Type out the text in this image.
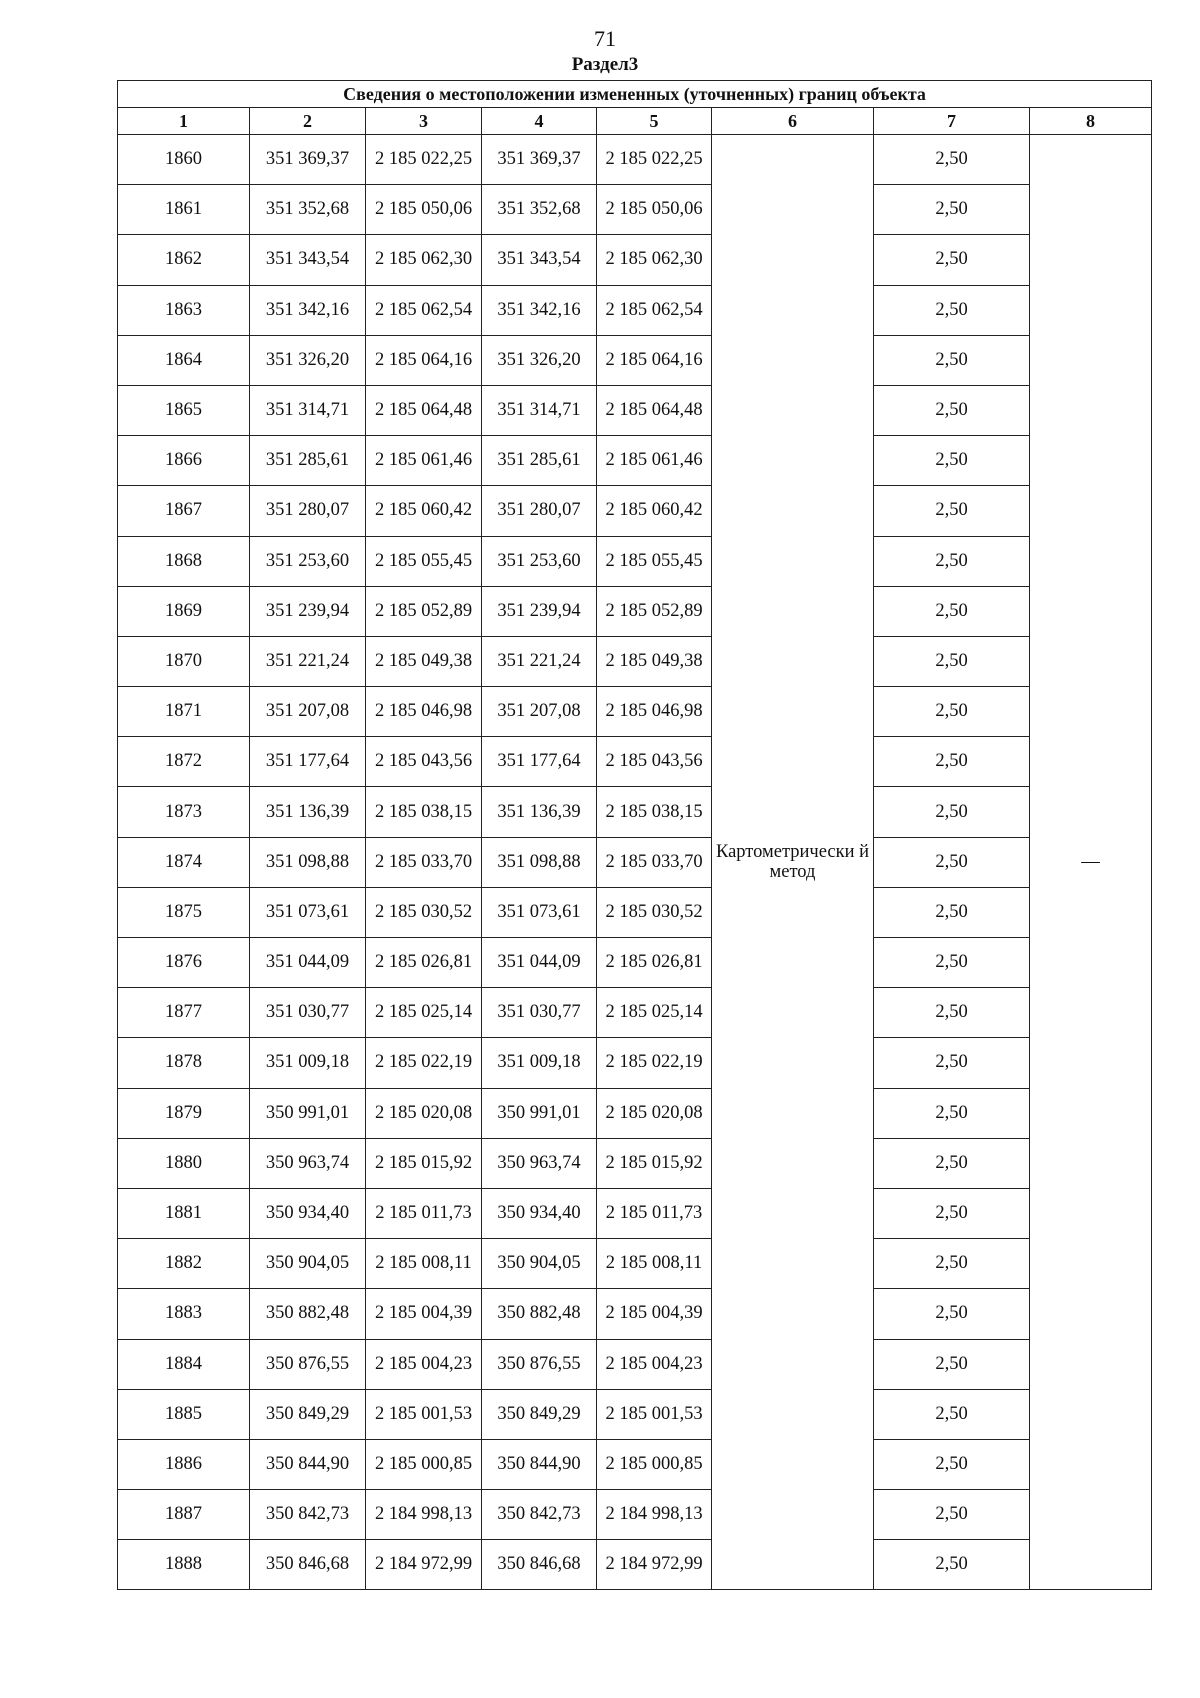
71
Раздел3
Сведения о местоположении измененных (уточненных) границ объекта							
1	2	3	4	5	6	7	8
1860	351 369,37	2 185 022,25	351 369,37	2 185 022,25	Картометрически й метод	2,50	—
1861	351 352,68	2 185 050,06	351 352,68	2 185 050,06		2,50	
1862	351 343,54	2 185 062,30	351 343,54	2 185 062,30		2,50	
1863	351 342,16	2 185 062,54	351 342,16	2 185 062,54		2,50	
1864	351 326,20	2 185 064,16	351 326,20	2 185 064,16		2,50	
1865	351 314,71	2 185 064,48	351 314,71	2 185 064,48		2,50	
1866	351 285,61	2 185 061,46	351 285,61	2 185 061,46		2,50	
1867	351 280,07	2 185 060,42	351 280,07	2 185 060,42		2,50	
1868	351 253,60	2 185 055,45	351 253,60	2 185 055,45		2,50	
1869	351 239,94	2 185 052,89	351 239,94	2 185 052,89		2,50	
1870	351 221,24	2 185 049,38	351 221,24	2 185 049,38		2,50	
1871	351 207,08	2 185 046,98	351 207,08	2 185 046,98		2,50	
1872	351 177,64	2 185 043,56	351 177,64	2 185 043,56		2,50	
1873	351 136,39	2 185 038,15	351 136,39	2 185 038,15		2,50	
1874	351 098,88	2 185 033,70	351 098,88	2 185 033,70		2,50	
1875	351 073,61	2 185 030,52	351 073,61	2 185 030,52		2,50	
1876	351 044,09	2 185 026,81	351 044,09	2 185 026,81		2,50	
1877	351 030,77	2 185 025,14	351 030,77	2 185 025,14		2,50	
1878	351 009,18	2 185 022,19	351 009,18	2 185 022,19		2,50	
1879	350 991,01	2 185 020,08	350 991,01	2 185 020,08		2,50	
1880	350 963,74	2 185 015,92	350 963,74	2 185 015,92		2,50	
1881	350 934,40	2 185 011,73	350 934,40	2 185 011,73		2,50	
1882	350 904,05	2 185 008,11	350 904,05	2 185 008,11		2,50	
1883	350 882,48	2 185 004,39	350 882,48	2 185 004,39		2,50	
1884	350 876,55	2 185 004,23	350 876,55	2 185 004,23		2,50	
1885	350 849,29	2 185 001,53	350 849,29	2 185 001,53		2,50	
1886	350 844,90	2 185 000,85	350 844,90	2 185 000,85		2,50	
1887	350 842,73	2 184 998,13	350 842,73	2 184 998,13		2,50	
1888	350 846,68	2 184 972,99	350 846,68	2 184 972,99		2,50	
